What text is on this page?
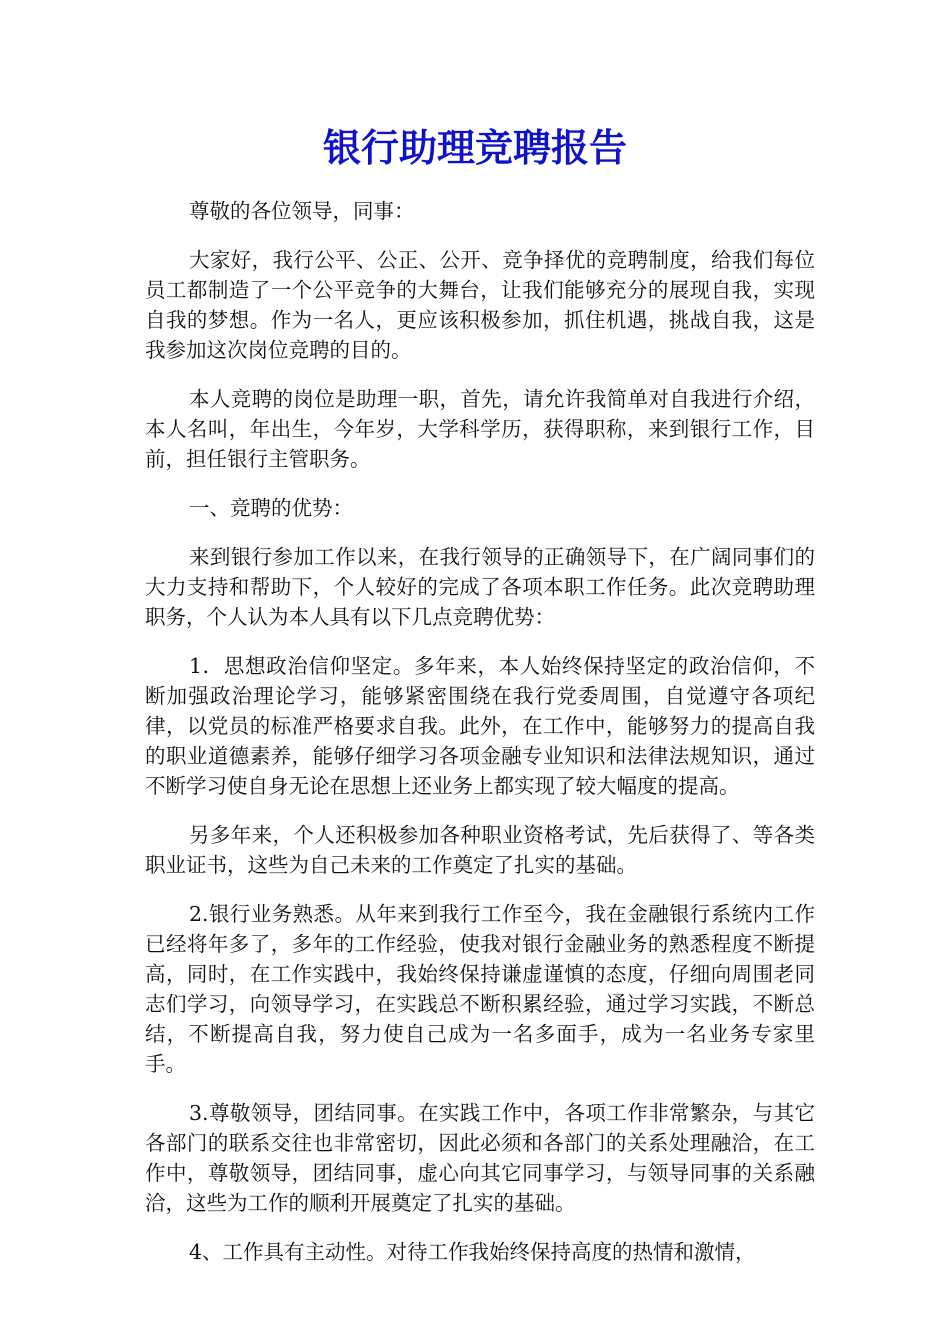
银行助理竞聘报告

尊敬的各位领导，同事：

大家好，我行公平、公正、公开、竞争择优的竞聘制度，给我们每位员工都制造了一个公平竞争的大舞台，让我们能够充分的展现自我，实现自我的梦想。作为一名人，更应该积极参加，抓住机遇，挑战自我，这是我参加这次岗位竞聘的目的。

本人竞聘的岗位是助理一职，首先，请允许我简单对自我进行介绍，本人名叫，年出生，今年岁，大学科学历，获得职称，来到银行工作，目前，担任银行主管职务。

一、竞聘的优势：

来到银行参加工作以来，在我行领导的正确领导下，在广阔同事们的大力支持和帮助下，个人较好的完成了各项本职工作任务。此次竞聘助理职务，个人认为本人具有以下几点竞聘优势：

1．思想政治信仰坚定。多年来，本人始终保持坚定的政治信仰，不断加强政治理论学习，能够紧密围绕在我行党委周围，自觉遵守各项纪律，以党员的标准严格要求自我。此外，在工作中，能够努力的提高自我的职业道德素养，能够仔细学习各项金融专业知识和法律法规知识，通过不断学习使自身无论在思想上还业务上都实现了较大幅度的提高。

另多年来，个人还积极参加各种职业资格考试，先后获得了、等各类职业证书，这些为自己未来的工作奠定了扎实的基础。

2.银行业务熟悉。从年来到我行工作至今，我在金融银行系统内工作已经将年多了，多年的工作经验，使我对银行金融业务的熟悉程度不断提高，同时，在工作实践中，我始终保持谦虚谨慎的态度，仔细向周围老同志们学习，向领导学习，在实践总不断积累经验，通过学习实践，不断总结，不断提高自我，努力使自己成为一名多面手，成为一名业务专家里手。

3.尊敬领导，团结同事。在实践工作中，各项工作非常繁杂，与其它各部门的联系交往也非常密切，因此必须和各部门的关系处理融洽，在工作中，尊敬领导，团结同事，虚心向其它同事学习，与领导同事的关系融洽，这些为工作的顺利开展奠定了扎实的基础。

4、工作具有主动性。对待工作我始终保持高度的热情和激情，
